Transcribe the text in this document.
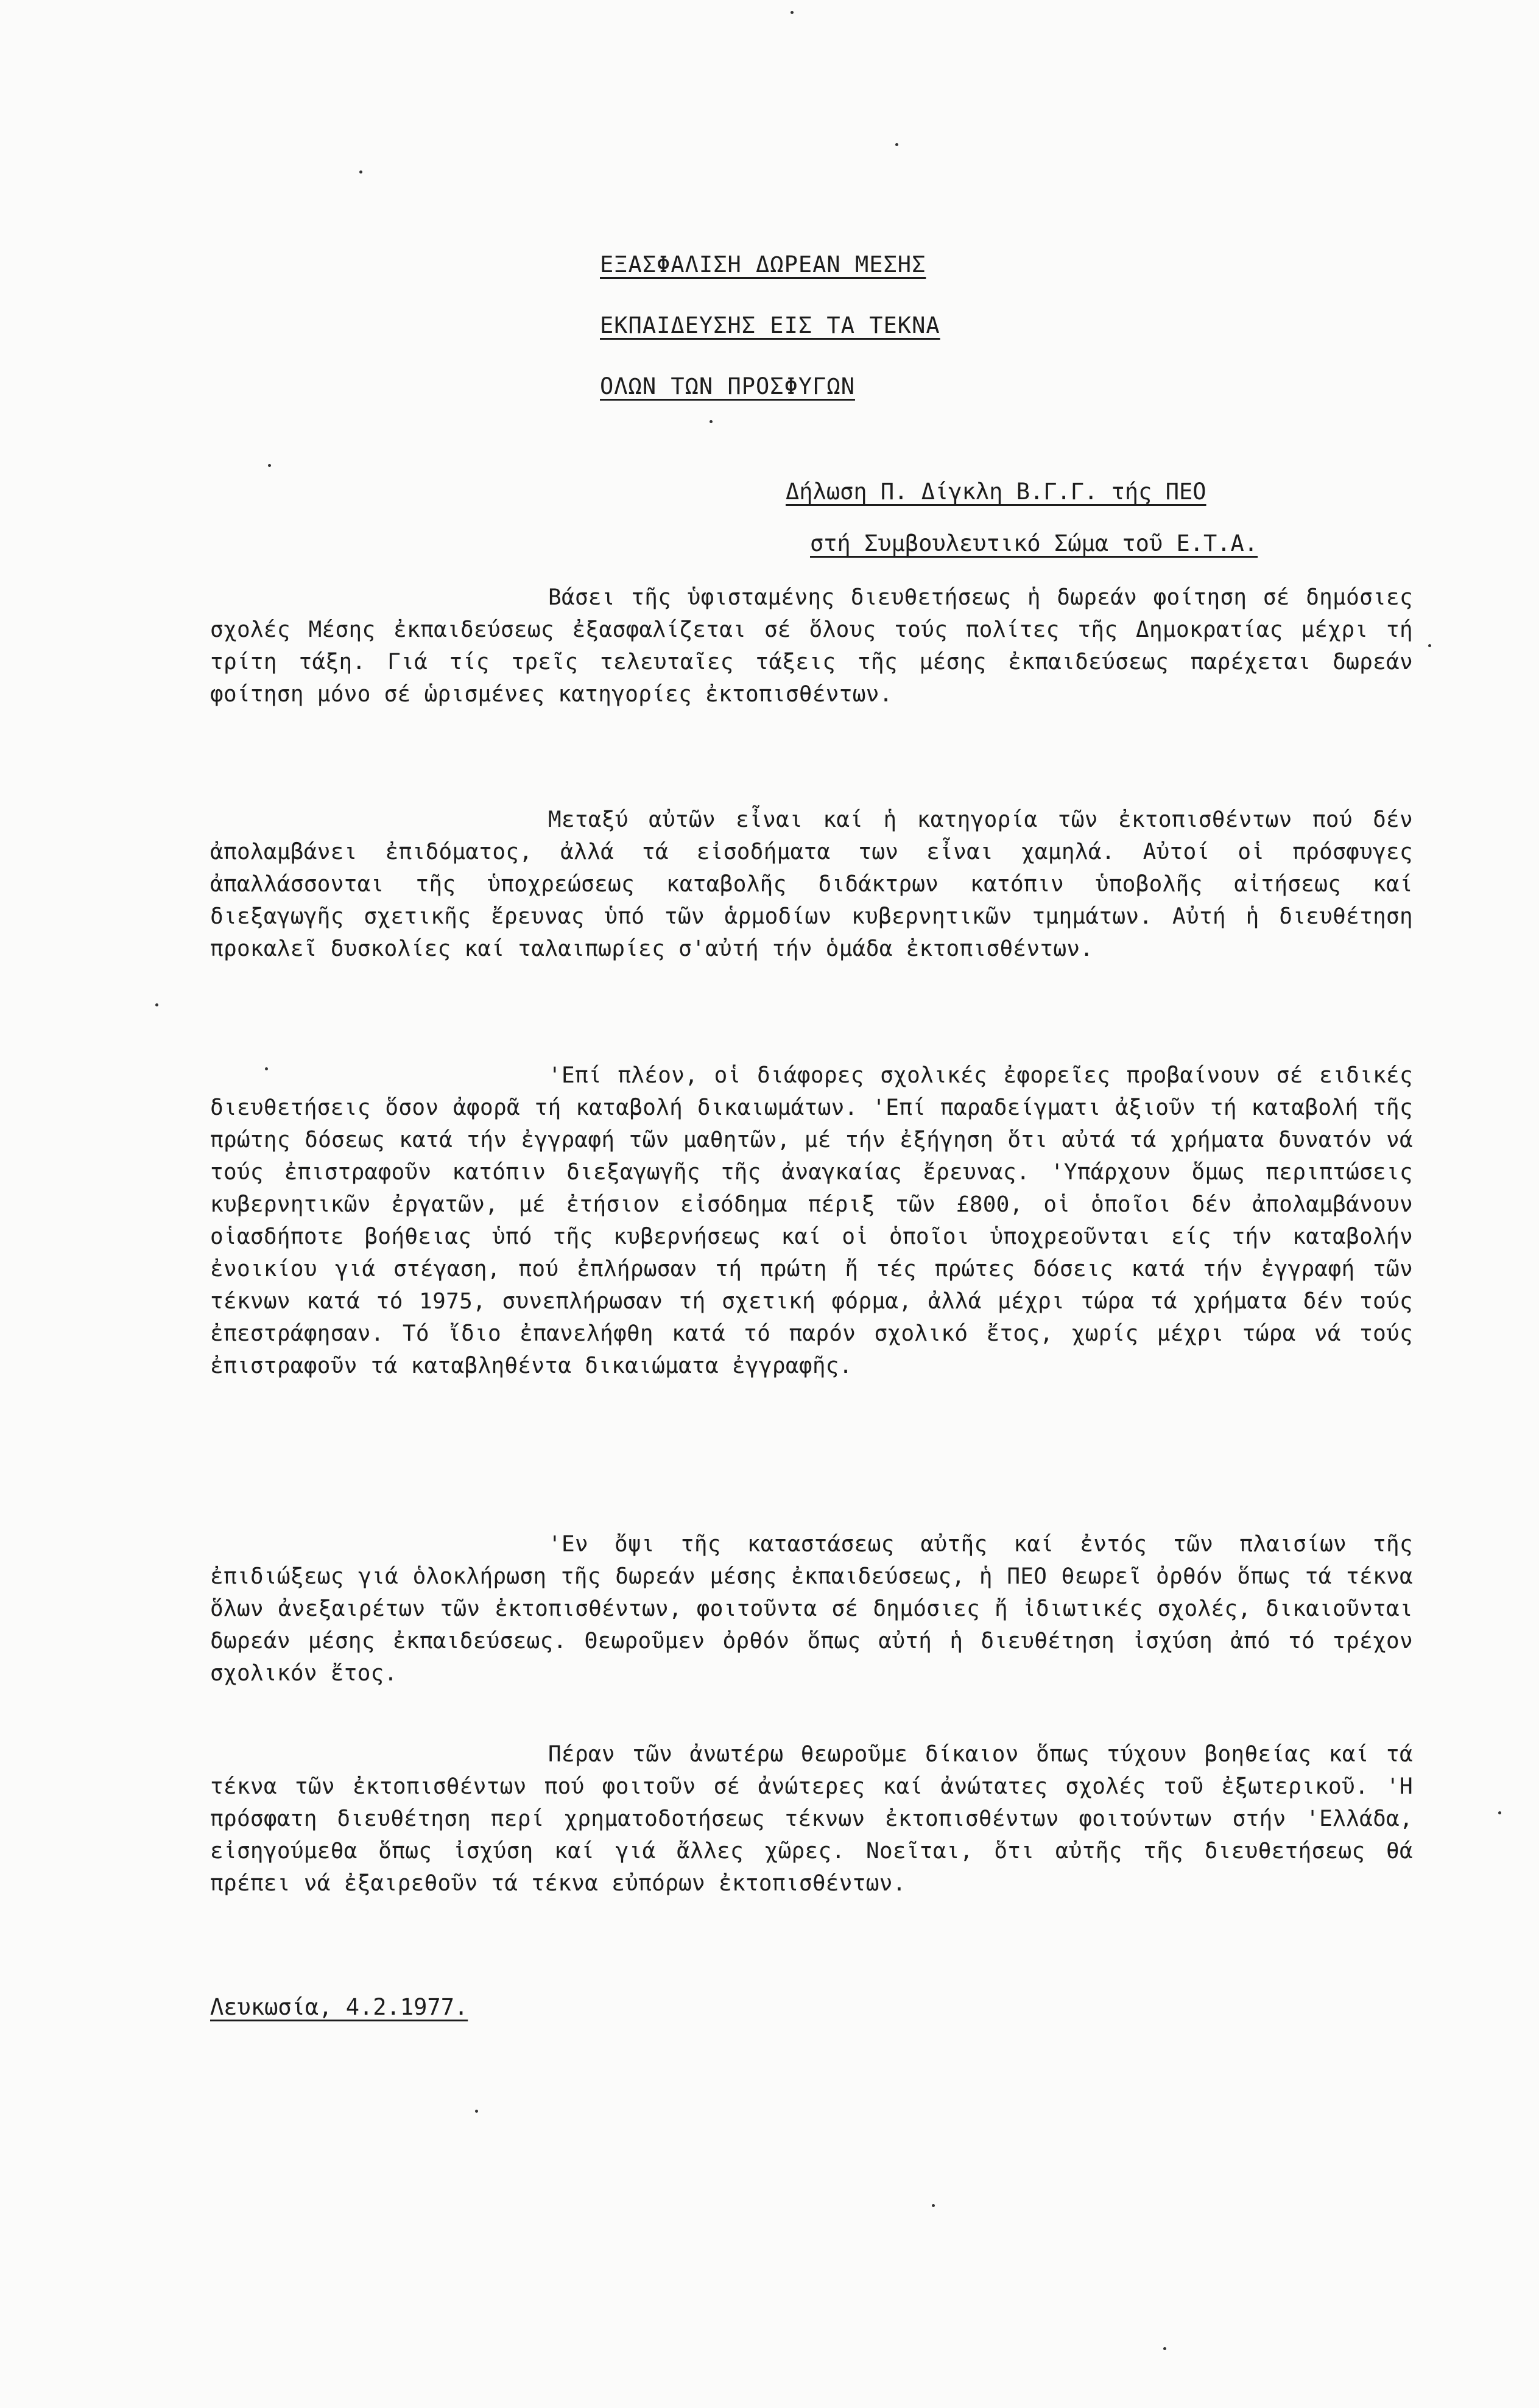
ΕΞΑΣΦΑΛΙΣΗ ΔΩΡΕΑΝ ΜΕΣΗΣ
ΕΚΠΑΙΔΕΥΣΗΣ ΕΙΣ ΤΑ ΤΕΚΝΑ
ΟΛΩΝ ΤΩΝ ΠΡΟΣΦΥΓΩΝ
Δήλωση Π. Δίγκλη Β.Γ.Γ. τής ΠΕΟ
στή Συμβουλευτικό Σώμα τοῦ Ε.Τ.Α.

Βάσει τῆς ὑφισταμένης διευθετήσεως ἡ δωρεάν φοίτηση σέ δημόσιες σχολές Μέσης ἐκπαιδεύσεως ἐξασφαλίζεται σέ ὅλους τούς πολίτες τῆς Δημοκρατίας μέχρι τή τρίτη τάξη. Γιά τίς τρεῖς τελευταῖες τάξεις τῆς μέσης ἐκπαιδεύσεως παρέχεται δωρεάν φοίτηση μόνο σέ ὡρισμένες κατηγορίες ἐκτοπισθέντων.

Μεταξύ αὐτῶν εἶναι καί ἡ κατηγορία τῶν ἐκτοπισθέντων πού δέν ἀπολαμβάνει ἐπιδόματος, ἀλλά τά εἰσοδήματα των εἶναι χαμηλά. Αὐτοί οἱ πρόσφυγες ἀπαλλάσσονται τῆς ὑποχρεώσεως καταβολῆς διδάκτρων κατόπιν ὑποβολῆς αἰτήσεως καί διεξαγωγῆς σχετικῆς ἔρευνας ὑπό τῶν ἁρμοδίων κυβερνητικῶν τμημάτων. Αὐτή ἡ διευθέτηση προκαλεῖ δυσκολίες καί ταλαιπωρίες σ'αὐτή τήν ὁμάδα ἐκτοπισθέντων.

'Επί πλέον, οἱ διάφορες σχολικές ἐφορεῖες προβαίνουν σέ ειδικές διευθετήσεις ὅσον ἀφορᾶ τή καταβολή δικαιωμάτων. 'Επί παραδείγματι ἀξιοῦν τή καταβολή τῆς πρώτης δόσεως κατά τήν ἐγγραφή τῶν μαθητῶν, μέ τήν ἐξήγηση ὅτι αὐτά τά χρήματα δυνατόν νά τούς ἐπιστραφοῦν κατόπιν διεξαγωγῆς τῆς ἀναγκαίας ἔρευνας. 'Υπάρχουν ὅμως περιπτώσεις κυβερνητικῶν ἐργατῶν, μέ ἐτήσιον εἰσόδημα πέριξ τῶν £800, οἱ ὁποῖοι δέν ἀπολαμβάνουν οἱασδήποτε βοήθειας ὑπό τῆς κυβερνήσεως καί οἱ ὁποῖοι ὑποχρεοῦνται είς τήν καταβολήν ἐνοικίου γιά στέγαση, πού ἐπλήρωσαν τή πρώτη ἤ τές πρώτες δόσεις κατά τήν ἐγγραφή τῶν τέκνων κατά τό 1975, συνεπλήρωσαν τή σχετική φόρμα, ἀλλά μέχρι τώρα τά χρήματα δέν τούς ἐπεστράφησαν. Τό ἴδιο ἐπανελήφθη κατά τό παρόν σχολικό ἔτος, χωρίς μέχρι τώρα νά τούς ἐπιστραφοῦν τά καταβληθέντα δικαιώματα ἐγγραφῆς.

'Εν ὄψι τῆς καταστάσεως αὐτῆς καί ἐντός τῶν πλαισίων τῆς ἐπιδιώξεως γιά ὁλοκλήρωση τῆς δωρεάν μέσης ἐκπαιδεύσεως, ἡ ΠΕΟ θεωρεῖ ὀρθόν ὅπως τά τέκνα ὅλων ἀνεξαιρέτων τῶν ἐκτοπισθέντων, φοιτοῦντα σέ δημόσιες ἤ ἰδιωτικές σχολές, δικαιοῦνται δωρεάν μέσης ἐκπαιδεύσεως. Θεωροῦμεν ὀρθόν ὅπως αὐτή ἡ διευθέτηση ἰσχύση ἀπό τό τρέχον σχολικόν ἔτος.

Πέραν τῶν ἀνωτέρω θεωροῦμε δίκαιον ὅπως τύχουν βοηθείας καί τά τέκνα τῶν ἐκτοπισθέντων πού φοιτοῦν σέ ἀνώτερες καί ἀνώτατες σχολές τοῦ ἐξωτερικοῦ. 'Η πρόσφατη διευθέτηση περί χρηματοδοτήσεως τέκνων ἐκτοπισθέντων φοιτούντων στήν 'Ελλάδα, εἰσηγούμεθα ὅπως ἰσχύση καί γιά ἄλλες χῶρες. Νοεῖται, ὅτι αὐτῆς τῆς διευθετήσεως θά πρέπει νά ἐξαιρεθοῦν τά τέκνα εὐπόρων ἐκτοπισθέντων.

Λευκωσία, 4.2.1977.
